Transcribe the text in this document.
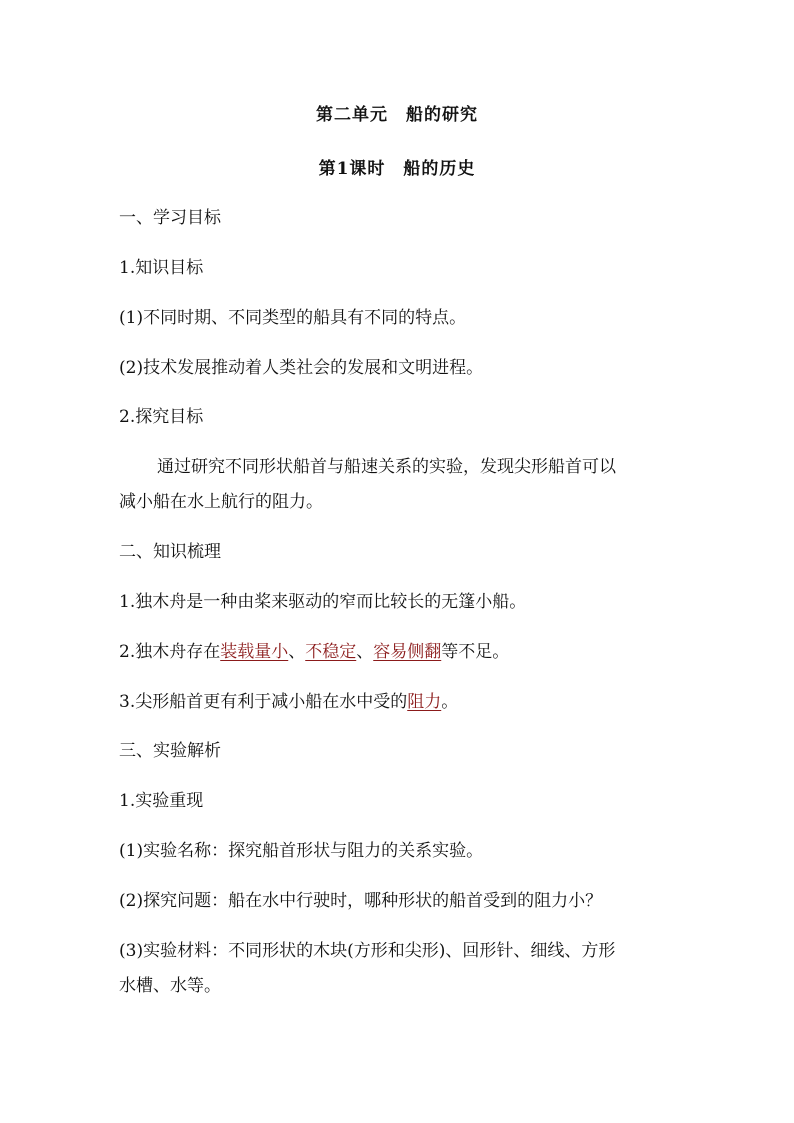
第二单元　船的研究
第1课时　船的历史
一、学习目标
1.知识目标
(1)不同时期、不同类型的船具有不同的特点。
(2)技术发展推动着人类社会的发展和文明进程。
2.探究目标
通过研究不同形状船首与船速关系的实验，发现尖形船首可以
减小船在水上航行的阻力。
二、知识梳理
1.独木舟是一种由桨来驱动的窄而比较长的无篷小船。
2.独木舟存在装载量小、不稳定、容易侧翻等不足。
3.尖形船首更有利于减小船在水中受的阻力。
三、实验解析
1.实验重现
(1)实验名称：探究船首形状与阻力的关系实验。
(2)探究问题：船在水中行驶时，哪种形状的船首受到的阻力小？
(3)实验材料：不同形状的木块(方形和尖形)、回形针、细线、方形
水槽、水等。
